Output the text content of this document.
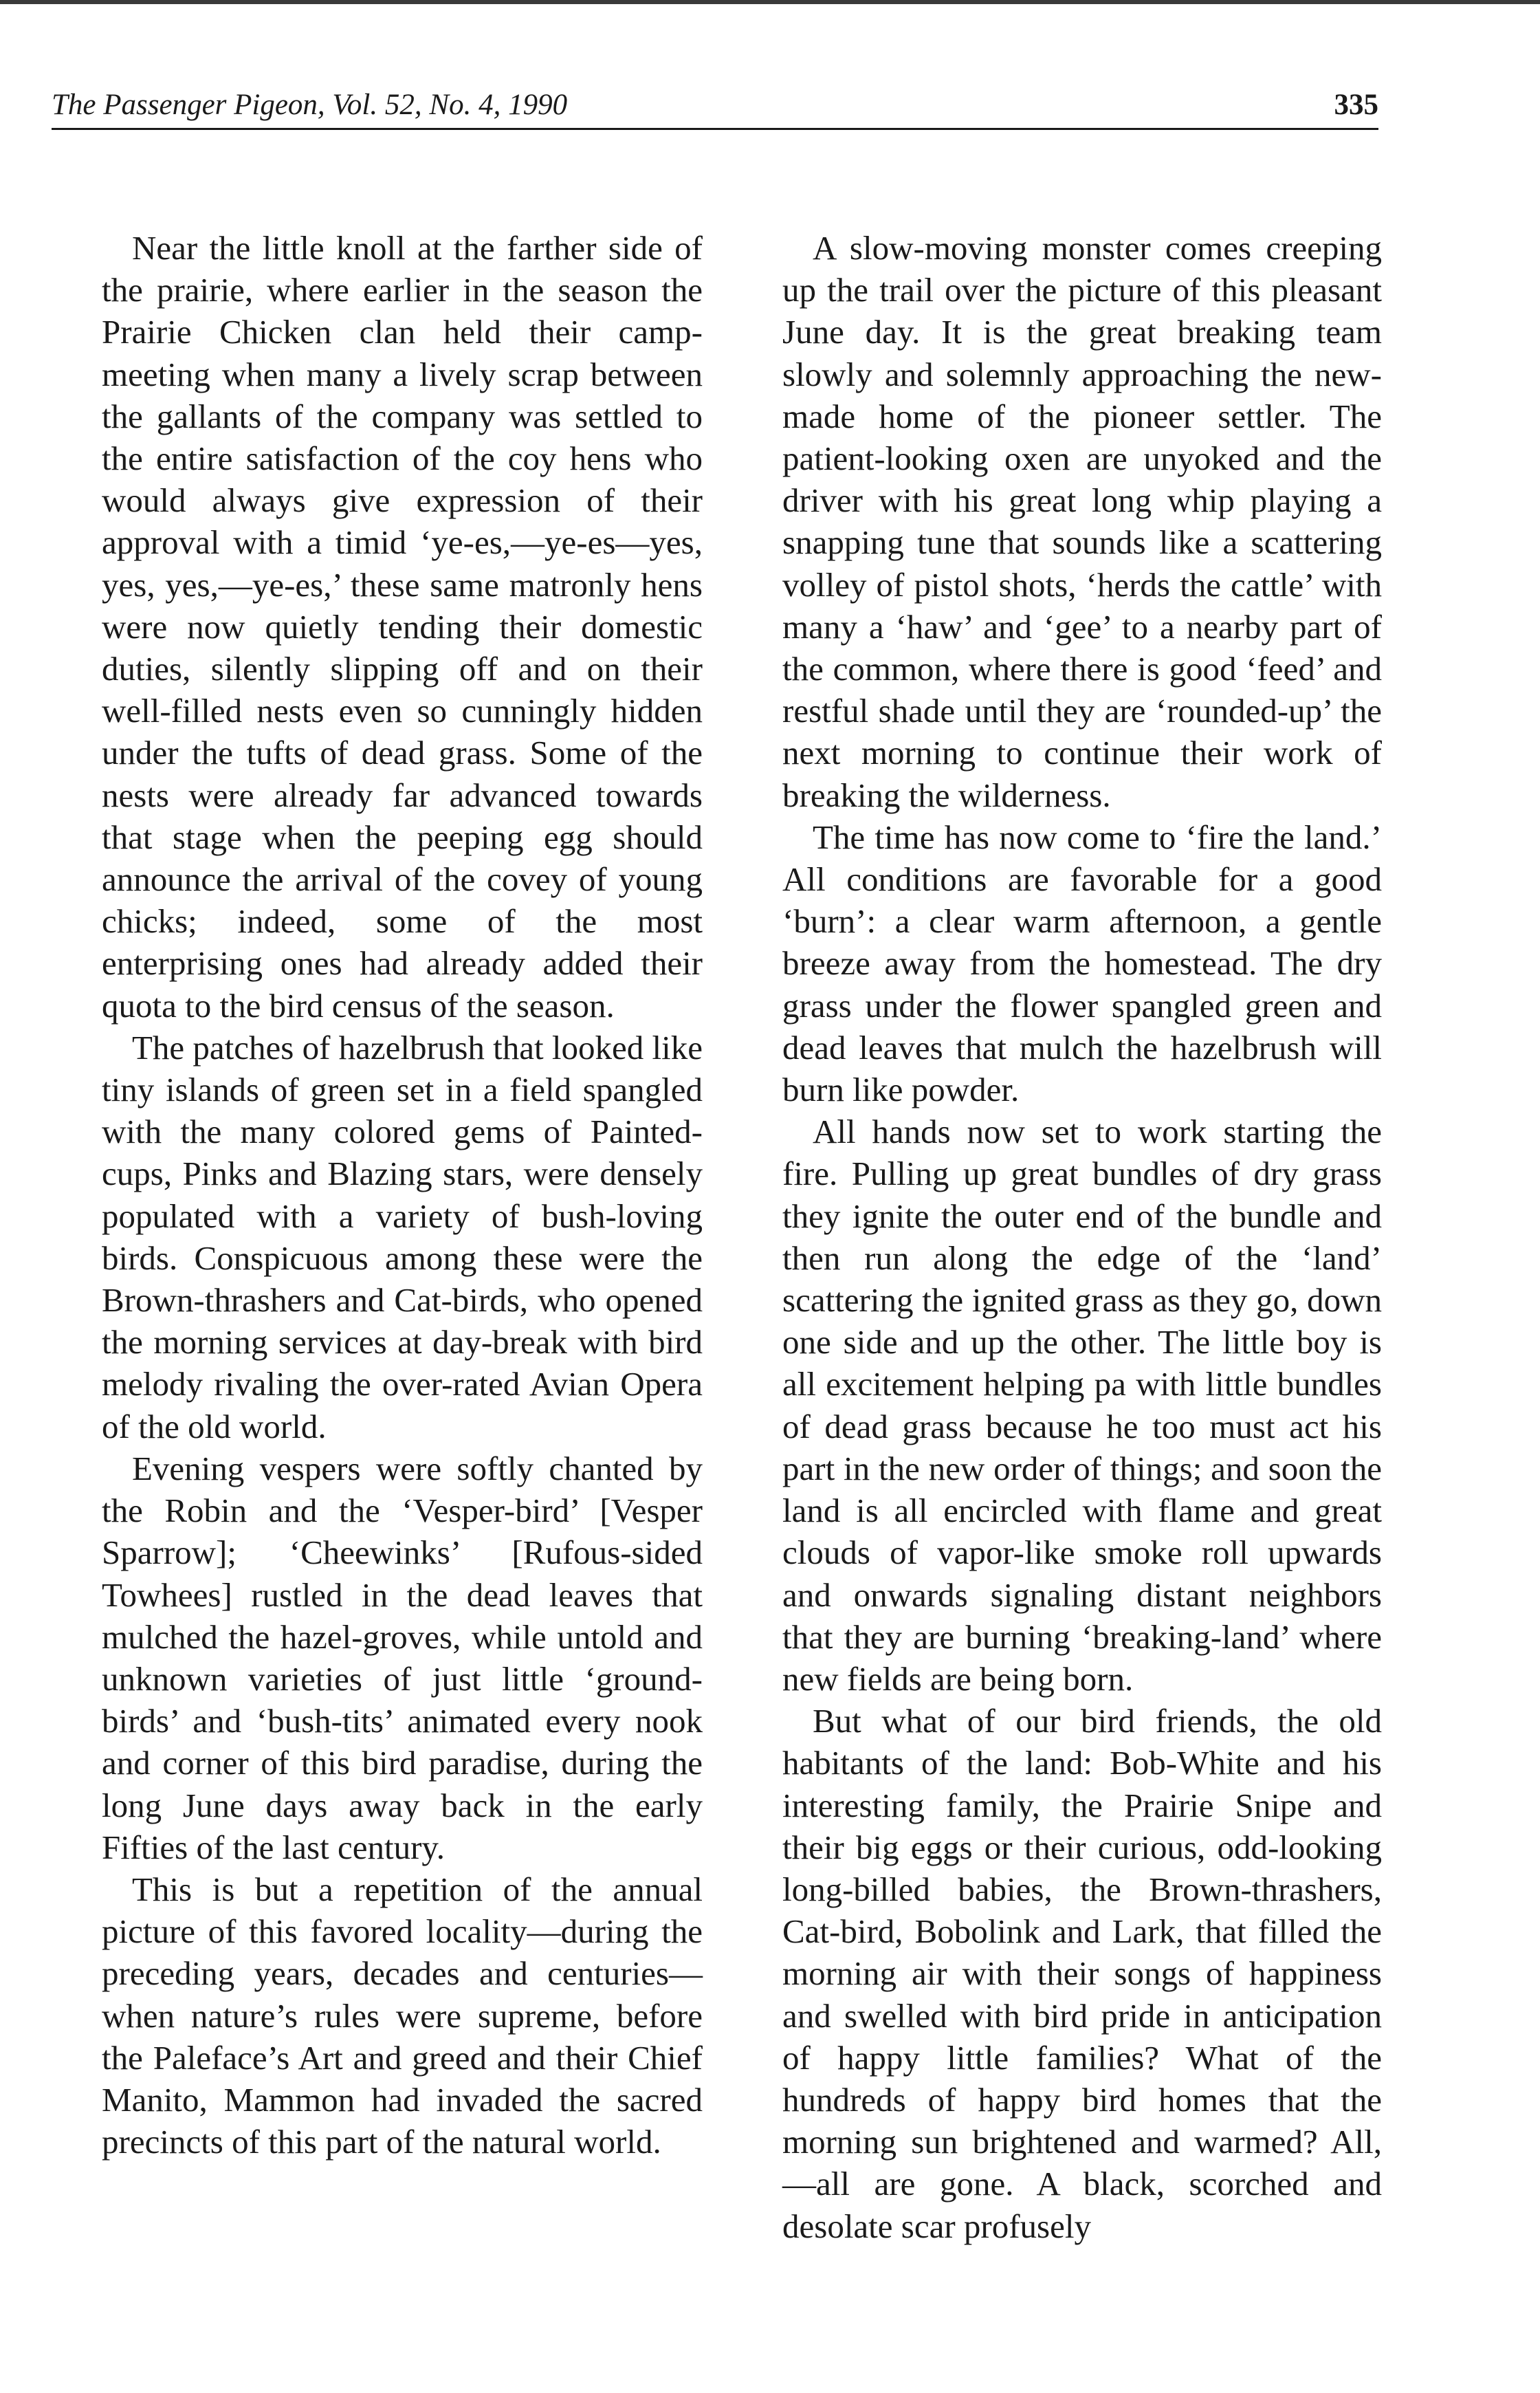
The Passenger Pigeon, Vol. 52, No. 4, 1990	335

Near the little knoll at the farther side of the prairie, where earlier in the season the Prairie Chicken clan held their camp-meeting when many a lively scrap between the gallants of the company was settled to the entire satisfaction of the coy hens who would always give expression of their approval with a timid ‘ye-es,—ye-es—yes, yes, yes,—ye-es,’ these same matronly hens were now quietly tending their domestic duties, silently slipping off and on their well-filled nests even so cunningly hidden under the tufts of dead grass. Some of the nests were already far advanced towards that stage when the peeping egg should announce the arrival of the covey of young chicks; indeed, some of the most enterprising ones had already added their quota to the bird census of the season.

The patches of hazelbrush that looked like tiny islands of green set in a field spangled with the many colored gems of Painted-cups, Pinks and Blazing stars, were densely populated with a variety of bush-loving birds. Conspicuous among these were the Brown-thrashers and Cat-birds, who opened the morning services at day-break with bird melody rivaling the over-rated Avian Opera of the old world.

Evening vespers were softly chanted by the Robin and the ‘Vesper-bird’ [Vesper Sparrow]; ‘Cheewinks’ [Rufous-sided Towhees] rustled in the dead leaves that mulched the hazel-groves, while untold and unknown varieties of just little ‘ground-birds’ and ‘bush-tits’ animated every nook and corner of this bird paradise, during the long June days away back in the early Fifties of the last century.

This is but a repetition of the annual picture of this favored locality—during the preceding years, decades and centuries—when nature’s rules were supreme, before the Paleface’s Art and greed and their Chief Manito, Mammon had invaded the sacred precincts of this part of the natural world.

A slow-moving monster comes creeping up the trail over the picture of this pleasant June day. It is the great breaking team slowly and solemnly approaching the new-made home of the pioneer settler. The patient-looking oxen are unyoked and the driver with his great long whip playing a snapping tune that sounds like a scattering volley of pistol shots, ‘herds the cattle’ with many a ‘haw’ and ‘gee’ to a nearby part of the common, where there is good ‘feed’ and restful shade until they are ‘rounded-up’ the next morning to continue their work of breaking the wilderness.

The time has now come to ‘fire the land.’ All conditions are favorable for a good ‘burn’: a clear warm afternoon, a gentle breeze away from the homestead. The dry grass under the flower spangled green and dead leaves that mulch the hazelbrush will burn like powder.

All hands now set to work starting the fire. Pulling up great bundles of dry grass they ignite the outer end of the bundle and then run along the edge of the ‘land’ scattering the ignited grass as they go, down one side and up the other. The little boy is all excitement helping pa with little bundles of dead grass because he too must act his part in the new order of things; and soon the land is all encircled with flame and great clouds of vapor-like smoke roll upwards and onwards signaling distant neighbors that they are burning ‘breaking-land’ where new fields are being born.

But what of our bird friends, the old habitants of the land: Bob-White and his interesting family, the Prairie Snipe and their big eggs or their curious, odd-looking long-billed babies, the Brown-thrashers, Cat-bird, Bobolink and Lark, that filled the morning air with their songs of happiness and swelled with bird pride in anticipation of happy little families? What of the hundreds of happy bird homes that the morning sun brightened and warmed? All,—all are gone. A black, scorched and desolate scar profusely
